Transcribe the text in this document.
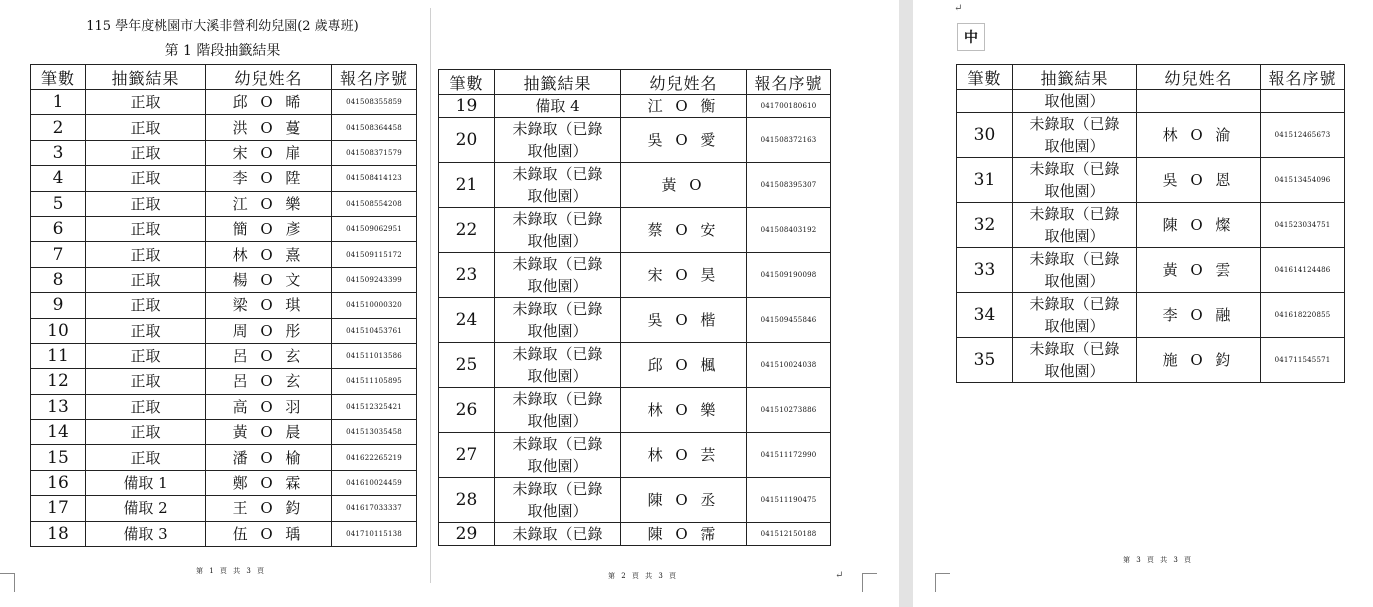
115 學年度桃園市大溪非營利幼兒園(2 歲專班)
第 1 階段抽籤結果
筆數	抽籤結果	幼兒姓名	報名序號
1	正取	邱 O 晞	041508355859
2	正取	洪 O 蔓	041508364458
3	正取	宋 O 扉	041508371579
4	正取	李 O 陞	041508414123
5	正取	江 O 樂	041508554208
6	正取	簡 O 彥	041509062951
7	正取	林 O 熹	041509115172
8	正取	楊 O 文	041509243399
9	正取	梁 O 琪	041510000320
10	正取	周 O 彤	041510453761
11	正取	呂 O 玄	041511013586
12	正取	呂 O 玄	041511105895
13	正取	高 O 羽	041512325421
14	正取	黃 O 晨	041513035458
15	正取	潘 O 榆	041622265219
16	備取 1	鄭 O 霖	041610024459
17	備取 2	王 O 鈞	041617033337
18	備取 3	伍 O 瑀	041710115138
第 1 頁 共 3 頁
筆數	抽籤結果	幼兒姓名	報名序號
19	備取 4	江 O 衡	041700180610
20	未錄取（已錄
取他園）	吳 O 愛	041508372163
21	未錄取（已錄
取他園）	黃 O	041508395307
22	未錄取（已錄
取他園）	蔡 O 安	041508403192
23	未錄取（已錄
取他園）	宋 O 昊	041509190098
24	未錄取（已錄
取他園）	吳 O 楷	041509455846
25	未錄取（已錄
取他園）	邱 O 楓	041510024038
26	未錄取（已錄
取他園）	林 O 樂	041510273886
27	未錄取（已錄
取他園）	林 O 芸	041511172990
28	未錄取（已錄
取他園）	陳 O 丞	041511190475
29	未錄取（已錄	陳 O 霈	041512150188
第 2 頁 共 3 頁
↵
中
筆數	抽籤結果	幼兒姓名	報名序號
	取他園）		
30	未錄取（已錄
取他園）	林 O 渝	041512465673
31	未錄取（已錄
取他園）	吳 O 恩	041513454096
32	未錄取（已錄
取他園）	陳 O 燦	041523034751
33	未錄取（已錄
取他園）	黃 O 雲	041614124486
34	未錄取（已錄
取他園）	李 O 融	041618220855
35	未錄取（已錄
取他園）	施 O 鈞	041711545571
第 3 頁 共 3 頁
↵
